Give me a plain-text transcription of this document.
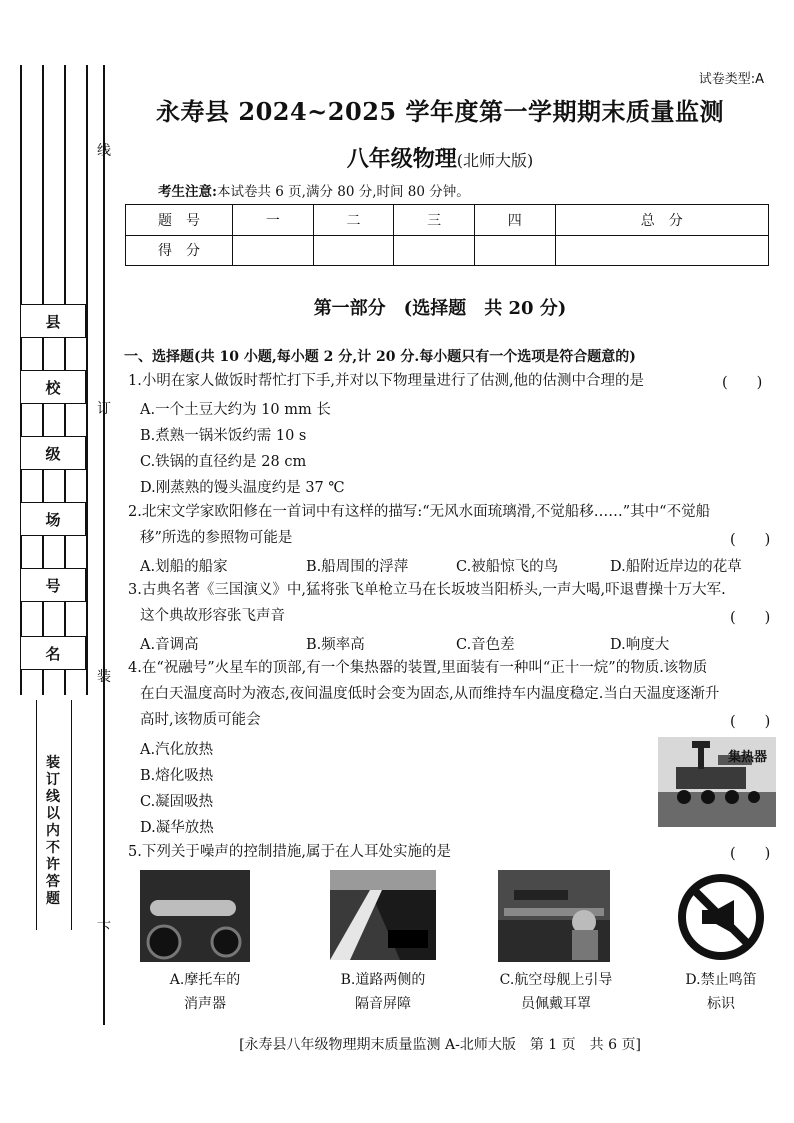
线
订
装
下
县
校
级
场
号
名
装订线以内不许答题
试卷类型:A
永寿县 2024~2025 学年度第一学期期末质量监测
八年级物理(北师大版)
考生注意:本试卷共 6 页,满分 80 分,时间 80 分钟。
题　号	一	二	三	四	总　分
得　分					
第一部分　(选择题　共 20 分)
一、选择题(共 10 小题,每小题 2 分,计 20 分.每小题只有一个选项是符合题意的)
1.小明在家人做饭时帮忙打下手,并对以下物理量进行了估测,他的估测中合理的是	(　　)
A.一个土豆大约为 10 mm 长
B.煮熟一锅米饭约需 10 s
C.铁锅的直径约是 28 cm
D.刚蒸熟的馒头温度约是 37 ℃
2.北宋文学家欧阳修在一首词中有这样的描写:“无风水面琉璃滑,不觉船移……”其中“不觉船
移”所选的参照物可能是	(　　)
A.划船的船家	B.船周围的浮萍	C.被船惊飞的鸟	D.船附近岸边的花草
3.古典名著《三国演义》中,猛将张飞单枪立马在长坂坡当阳桥头,一声大喝,吓退曹操十万大军.
这个典故形容张飞声音	(　　)
A.音调高	B.频率高	C.音色差	D.响度大
4.在“祝融号”火星车的顶部,有一个集热器的装置,里面装有一种叫“正十一烷”的物质.该物质
在白天温度高时为液态,夜间温度低时会变为固态,从而维持车内温度稳定.当白天温度逐渐升
高时,该物质可能会	(　　)
A.汽化放热
B.熔化吸热
C.凝固吸热
D.凝华放热
集热器
5.下列关于噪声的控制措施,属于在人耳处实施的是	(　　)
A.摩托车的
消声器
B.道路两侧的
隔音屏障
C.航空母舰上引导
员佩戴耳罩
D.禁止鸣笛
标识
[永寿县八年级物理期末质量监测 A-北师大版　第 1 页　共 6 页]
